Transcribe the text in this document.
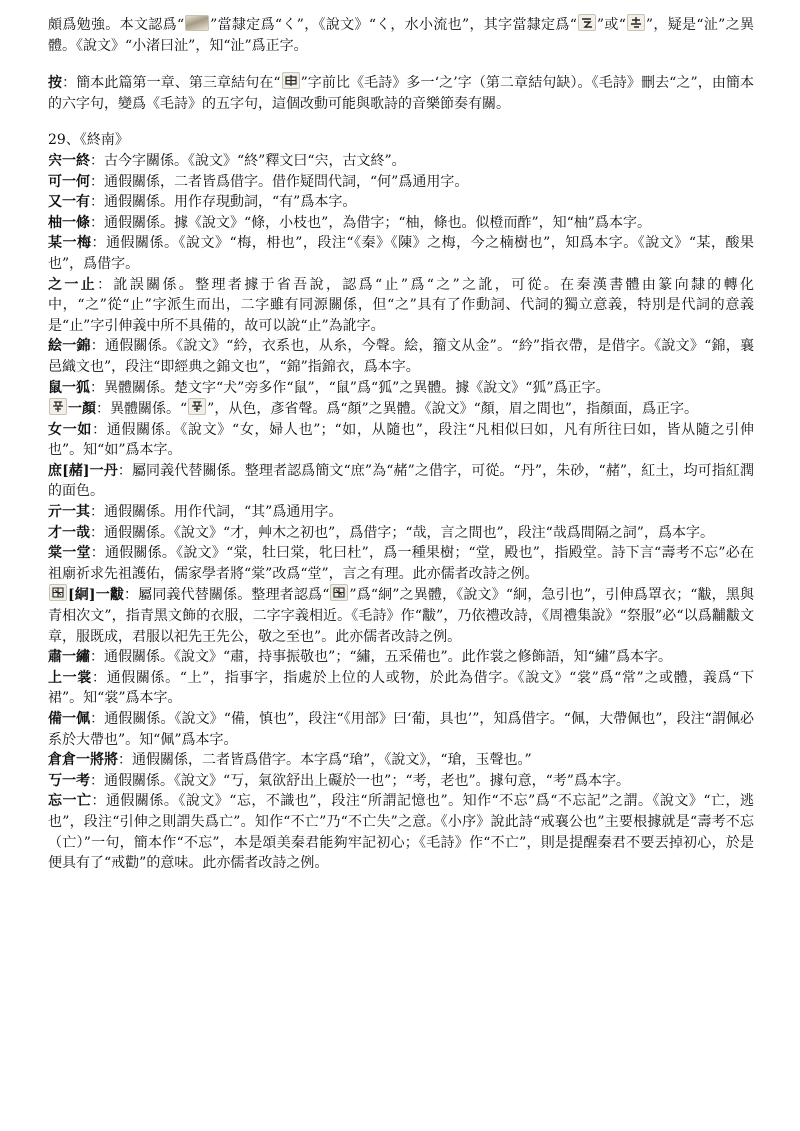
頗爲勉強。本文認爲“ ”當隸定爲“く”，《說文》“く，水小流也”，其字當隸定爲“ ”或“ ”，疑是“沚”之異體。《說文》“小渚曰沚”，知“沚”爲正字。

按：簡本此篇第一章、第三章結句在“ ”字前比《毛詩》多一‘之’字（第二章結句缺）。《毛詩》刪去“之”，由簡本的六字句，變爲《毛詩》的五字句，這個改動可能與歌詩的音樂節奏有關。

29、《終南》

宍一終：古今字關係。《說文》“終”釋文曰“宍，古文終”。

可一何：通假關係，二者皆爲借字。借作疑問代詞，“何”爲通用字。

又一有：通假關係。用作存現動詞，“有”爲本字。

柚一條：通假關係。據《說文》“條，小枝也”，為借字；“柚，條也。似橙而酢”，知“柚”爲本字。

某一梅：通假關係。《說文》“梅，枏也”，段注“《秦》《陳》之梅，今之楠樹也”，知爲本字。《說文》“某，酸果也”，爲借字。

之一止：訛誤關係。整理者據于省吾說，認爲“止”爲“之”之訛，可從。在秦漢書體由篆向隸的轉化中，“之”從“止”字派生而出，二字雖有同源關係，但“之”具有了作動詞、代詞的獨立意義，特別是代詞的意義是“止”字引伸義中所不具備的，故可以說“止”為訛字。

絵一錦：通假關係。《說文》“紟，衣系也，从糸，今聲。絵，籀文从金”。“紟”指衣帶，是借字。《說文》“錦，襄邑織文也”，段注“即經典之錦文也”，“錦”指錦衣，爲本字。

鼠一狐：異體關係。楚文字“犬”旁多作“鼠”，“鼠”爲“狐”之異體。據《說文》“狐”爲正字。

一顏：異體關係。“ ”，从色，彥省聲。爲“顏”之異體。《說文》“顏，眉之間也”，指顏面，爲正字。

女一如：通假關係。《說文》“女，婦人也”；“如，从隨也”，段注“凡相似曰如，凡有所往曰如，皆从隨之引伸也”。知“如”爲本字。

庶[赭]一丹：屬同義代替關係。整理者認爲簡文“庶”為“赭”之借字，可從。“丹”，朱砂，“赭”，紅土，均可指紅潤的面色。

亓一其：通假關係。用作代詞，“其”爲通用字。

才一哉：通假關係。《說文》“才，艸木之初也”，爲借字；“哉，言之間也”，段注“哉爲間隔之詞”，爲本字。

棠一堂：通假關係。《說文》“棠，牡曰棠，牝曰杜”，爲一種果樹；“堂，殿也”，指殿堂。詩下言“壽考不忘”必在祖廟祈求先祖護佑，儒家學者將“棠”改爲“堂”，言之有理。此亦儒者改詩之例。

[絅]一黻：屬同義代替關係。整理者認爲“ ”爲“絅”之異體，《說文》“絅，急引也”，引伸爲罩衣；“黻，黑與青相次文”，指青黑文飾的衣服，二字字義相近。《毛詩》作“黻”，乃依禮改詩，《周禮集說》“祭服”必“以爲黼黻文章，服既成，君服以祀先王先公，敬之至也”。此亦儒者改詩之例。

肅一繡：通假關係。《說文》“肅，持事振敬也”；“繡，五采備也”。此作裳之修飾語，知“繡”爲本字。

上一裳：通假關係。“上”，指事字，指處於上位的人或物，於此為借字。《說文》“裳”爲“常”之或體，義爲“下裙”。知“裳”爲本字。

備一佩：通假關係。《說文》“備，慎也”，段注“《用部》曰‘葡，具也’”，知爲借字。“佩，大帶佩也”，段注“謂佩必系於大帶也”。知“佩”爲本字。

倉倉一將將：通假關係，二者皆爲借字。本字爲“瑲”，《說文》，“瑲，玉聲也。”

丂一考：通假關係。《說文》“丂，氣欲舒出上礙於一也”；“考，老也”。據句意，“考”爲本字。

忘一亡：通假關係。《說文》“忘，不識也”，段注“所謂記憶也”。知作“不忘”爲“不忘記”之謂。《說文》“亡，逃也”，段注“引伸之則謂失爲亡”。知作“不亡”乃“不亡失”之意。《小序》說此詩“戒襄公也”主要根據就是“壽考不忘（亡）”一句，簡本作“不忘”，本是頌美秦君能夠牢記初心；《毛詩》作“不亡”，則是提醒秦君不要丟掉初心，於是便具有了“戒勸”的意味。此亦儒者改詩之例。
